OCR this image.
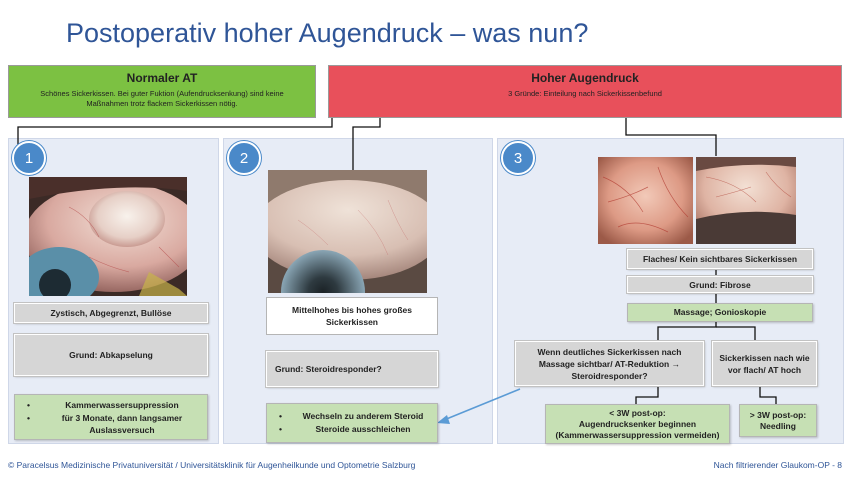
Postoperativ hoher Augendruck – was nun?
Normaler AT
Schönes Sickerkissen. Bei guter Fuktion (Aufendrucksenkung) sind keine Maßnahmen trotz flackem Sickerkissen nötig.
Hoher Augendruck
3 Gründe: Einteilung nach Sickerkissenbefund
1	2	3
Zystisch, Abgegrenzt, Bullöse
Grund: Abkapselung
• Kammerwassersuppression
• für 3 Monate, dann langsamer Auslassversuch
Mittelhohes bis hohes großes Sickerkissen
Grund: Steroidresponder?
• Wechseln zu anderem Steroid
• Steroide ausschleichen
Flaches/ Kein sichtbares Sickerkissen
Grund: Fibrose
Massage; Gonioskopie
Wenn deutliches Sickerkissen nach Massage sichtbar/ AT-Reduktion → Steroidresponder?
Sickerkissen nach wie vor flach/ AT hoch
< 3W post-op:
Augendrucksenker beginnen
(Kammerwassersuppression vermeiden)
> 3W post-op:
Needling
© Paracelsus Medizinische Privatuniversität / Universitätsklinik für Augenheilkunde und Optometrie Salzburg	Nach filtrierender Glaukom-OP - 8
